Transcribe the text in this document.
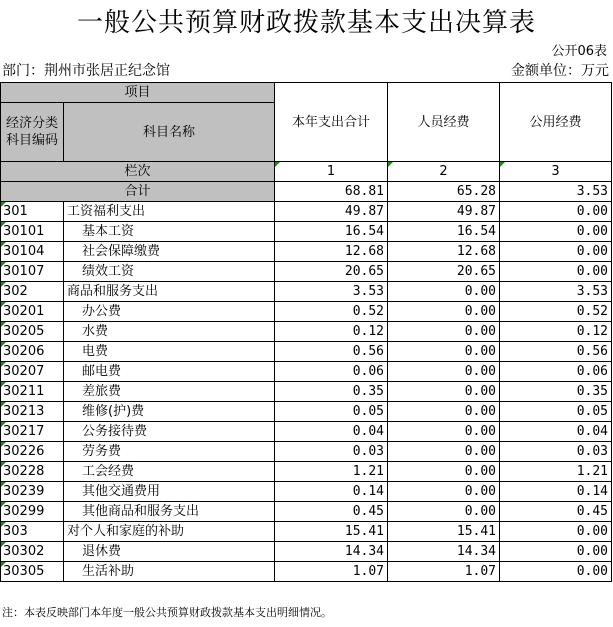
一般公共预算财政拨款基本支出决算表
公开06表
部门：荆州市张居正纪念馆	金额单位：万元
项目		本年支出合计	人员经费	公用经费
经济分类科目编码	科目名称			

栏次		1	2	3
合计		68.81	65.28	3.53

301	工资福利支出	49.87	49.87	0.00

30101	基本工资	16.54	16.54	0.00

30104	社会保障缴费	12.68	12.68	0.00

30107	绩效工资	20.65	20.65	0.00

302	商品和服务支出	3.53	0.00	3.53

30201	办公费	0.52	0.00	0.52

30205	水费	0.12	0.00	0.12

30206	电费	0.56	0.00	0.56

30207	邮电费	0.06	0.00	0.06

30211	差旅费	0.35	0.00	0.35

30213	维修(护)费	0.05	0.00	0.05

30217	公务接待费	0.04	0.00	0.04

30226	劳务费	0.03	0.00	0.03

30228	工会经费	1.21	0.00	1.21

30239	其他交通费用	0.14	0.00	0.14

30299	其他商品和服务支出	0.45	0.00	0.45

303	对个人和家庭的补助	15.41	15.41	0.00

30302	退休费	14.34	14.34	0.00

30305	生活补助	1.07	1.07	0.00
注：本表反映部门本年度一般公共预算财政拨款基本支出明细情况。
